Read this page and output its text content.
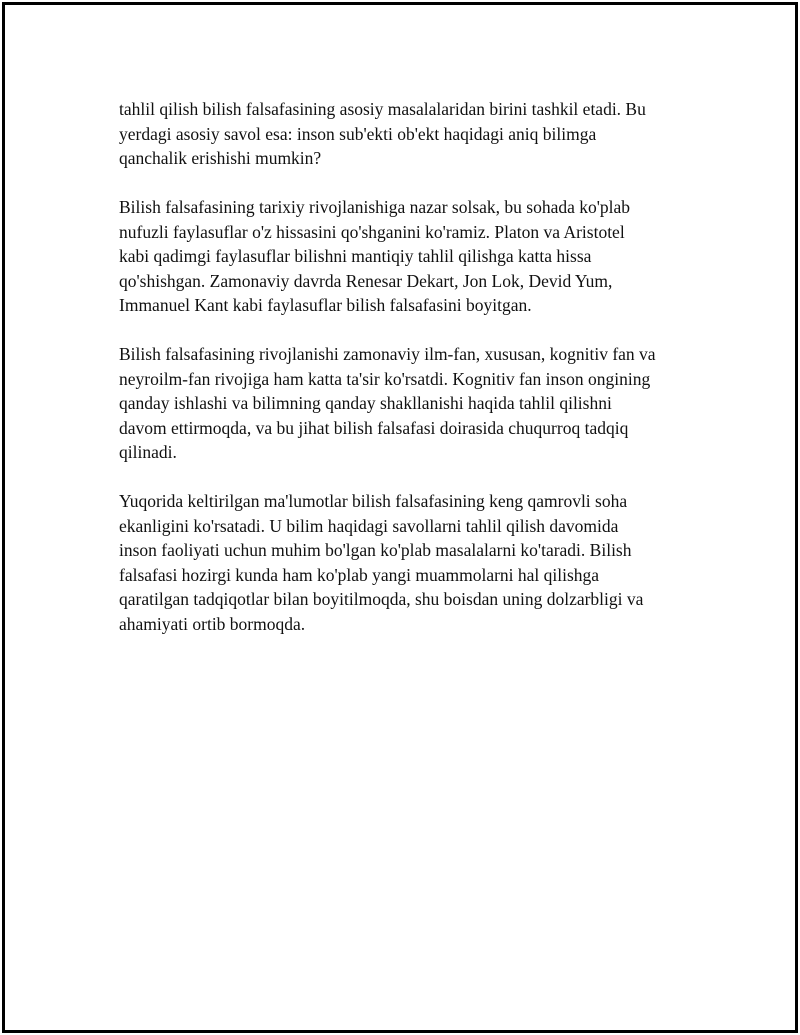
tahlil qilish bilish falsafasining asosiy masalalaridan birini tashkil etadi. Bu
yerdagi asosiy savol esa: inson sub'ekti ob'ekt haqidagi aniq bilimga
qanchalik erishishi mumkin?

Bilish falsafasining tarixiy rivojlanishiga nazar solsak, bu sohada ko'plab
nufuzli faylasuflar o'z hissasini qo'shganini ko'ramiz. Platon va Aristotel
kabi qadimgi faylasuflar bilishni mantiqiy tahlil qilishga katta hissa
qo'shishgan. Zamonaviy davrda Renesar Dekart, Jon Lok, Devid Yum,
Immanuel Kant kabi faylasuflar bilish falsafasini boyitgan.

Bilish falsafasining rivojlanishi zamonaviy ilm-fan, xususan, kognitiv fan va
neyroilm-fan rivojiga ham katta ta'sir ko'rsatdi. Kognitiv fan inson ongining
qanday ishlashi va bilimning qanday shakllanishi haqida tahlil qilishni
davom ettirmoqda, va bu jihat bilish falsafasi doirasida chuqurroq tadqiq
qilinadi.

Yuqorida keltirilgan ma'lumotlar bilish falsafasining keng qamrovli soha
ekanligini ko'rsatadi. U bilim haqidagi savollarni tahlil qilish davomida
inson faoliyati uchun muhim bo'lgan ko'plab masalalarni ko'taradi. Bilish
falsafasi hozirgi kunda ham ko'plab yangi muammolarni hal qilishga
qaratilgan tadqiqotlar bilan boyitilmoqda, shu boisdan uning dolzarbligi va
ahamiyati ortib bormoqda.
